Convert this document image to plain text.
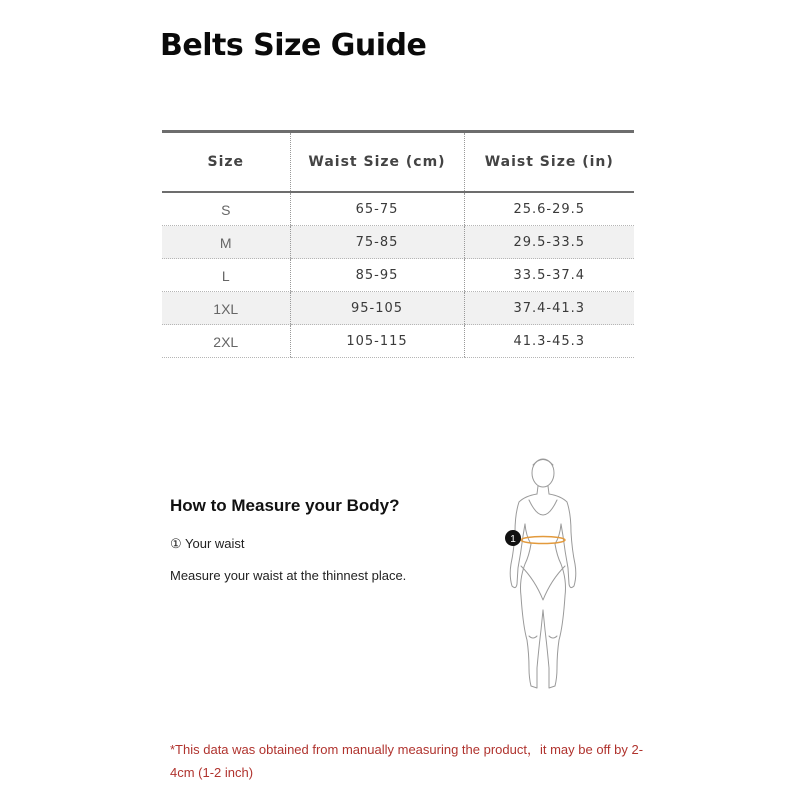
Belts Size Guide
Size	Waist Size (cm)	Waist Size (in)
S	65-75	25.6-29.5
M	75-85	29.5-33.5
L	85-95	33.5-37.4
1XL	95-105	37.4-41.3
2XL	105-115	41.3-45.3
How to Measure your Body?
① Your waist
Measure your waist at the thinnest place.
1
*This data was obtained from manually measuring the product，it may be off by 2-4cm (1-2 inch)
